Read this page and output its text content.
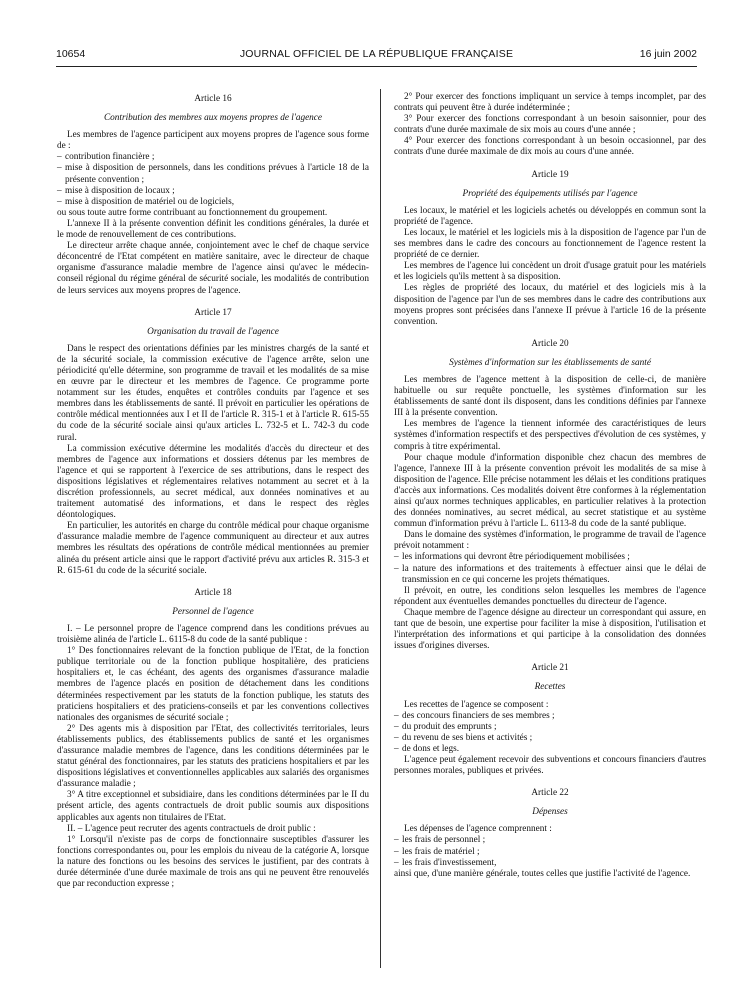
10654	JOURNAL OFFICIEL DE LA RÉPUBLIQUE FRANÇAISE	16 juin 2002

Article 16

Contribution des membres aux moyens propres de l'agence

Les membres de l'agence participent aux moyens propres de l'agence sous forme de :

– contribution financière ;

– mise à disposition de personnels, dans les conditions prévues à l'article 18 de la présente convention ;

– mise à disposition de locaux ;

– mise à disposition de matériel ou de logiciels,

ou sous toute autre forme contribuant au fonctionnement du groupement.

L'annexe II à la présente convention définit les conditions générales, la durée et le mode de renouvellement de ces contributions.

Le directeur arrête chaque année, conjointement avec le chef de chaque service déconcentré de l'Etat compétent en matière sanitaire, avec le directeur de chaque organisme d'assurance maladie membre de l'agence ainsi qu'avec le médecin-conseil régional du régime général de sécurité sociale, les modalités de contribution de leurs services aux moyens propres de l'agence.

Article 17

Organisation du travail de l'agence

Dans le respect des orientations définies par les ministres chargés de la santé et de la sécurité sociale, la commission exécutive de l'agence arrête, selon une périodicité qu'elle détermine, son programme de travail et les modalités de sa mise en œuvre par le directeur et les membres de l'agence. Ce programme porte notamment sur les études, enquêtes et contrôles conduits par l'agence et ses membres dans les établissements de santé. Il prévoit en particulier les opérations de contrôle médical mentionnées aux I et II de l'article R. 315-1 et à l'article R. 615-55 du code de la sécurité sociale ainsi qu'aux articles L. 732-5 et L. 742-3 du code rural.

La commission exécutive détermine les modalités d'accès du directeur et des membres de l'agence aux informations et dossiers détenus par les membres de l'agence et qui se rapportent à l'exercice de ses attributions, dans le respect des dispositions législatives et réglementaires relatives notamment au secret et à la discrétion professionnels, au secret médical, aux données nominatives et au traitement automatisé des informations, et dans le respect des règles déontologiques.

En particulier, les autorités en charge du contrôle médical pour chaque organisme d'assurance maladie membre de l'agence communiquent au directeur et aux autres membres les résultats des opérations de contrôle médical mentionnées au premier alinéa du présent article ainsi que le rapport d'activité prévu aux articles R. 315-3 et R. 615-61 du code de la sécurité sociale.

Article 18

Personnel de l'agence

I. – Le personnel propre de l'agence comprend dans les conditions prévues au troisième alinéa de l'article L. 6115-8 du code de la santé publique :

1° Des fonctionnaires relevant de la fonction publique de l'Etat, de la fonction publique territoriale ou de la fonction publique hospitalière, des praticiens hospitaliers et, le cas échéant, des agents des organismes d'assurance maladie membres de l'agence placés en position de détachement dans les conditions déterminées respectivement par les statuts de la fonction publique, les statuts des praticiens hospitaliers et des praticiens-conseils et par les conventions collectives nationales des organismes de sécurité sociale ;

2° Des agents mis à disposition par l'Etat, des collectivités territoriales, leurs établissements publics, des établissements publics de santé et les organismes d'assurance maladie membres de l'agence, dans les conditions déterminées par le statut général des fonctionnaires, par les statuts des praticiens hospitaliers et par les dispositions législatives et conventionnelles applicables aux salariés des organismes d'assurance maladie ;

3° A titre exceptionnel et subsidiaire, dans les conditions déterminées par le II du présent article, des agents contractuels de droit public soumis aux dispositions applicables aux agents non titulaires de l'Etat.

II. – L'agence peut recruter des agents contractuels de droit public :

1° Lorsqu'il n'existe pas de corps de fonctionnaire susceptibles d'assurer les fonctions correspondantes ou, pour les emplois du niveau de la catégorie A, lorsque la nature des fonctions ou les besoins des services le justifient, par des contrats à durée déterminée d'une durée maximale de trois ans qui ne peuvent être renouvelés que par reconduction expresse ;

2° Pour exercer des fonctions impliquant un service à temps incomplet, par des contrats qui peuvent être à durée indéterminée ;

3° Pour exercer des fonctions correspondant à un besoin saisonnier, pour des contrats d'une durée maximale de six mois au cours d'une année ;

4° Pour exercer des fonctions correspondant à un besoin occasionnel, par des contrats d'une durée maximale de dix mois au cours d'une année.

Article 19

Propriété des équipements utilisés par l'agence

Les locaux, le matériel et les logiciels achetés ou développés en commun sont la propriété de l'agence.

Les locaux, le matériel et les logiciels mis à la disposition de l'agence par l'un de ses membres dans le cadre des concours au fonctionnement de l'agence restent la propriété de ce dernier.

Les membres de l'agence lui concèdent un droit d'usage gratuit pour les matériels et les logiciels qu'ils mettent à sa disposition.

Les règles de propriété des locaux, du matériel et des logiciels mis à la disposition de l'agence par l'un de ses membres dans le cadre des contributions aux moyens propres sont précisées dans l'annexe II prévue à l'article 16 de la présente convention.

Article 20

Systèmes d'information sur les établissements de santé

Les membres de l'agence mettent à la disposition de celle-ci, de manière habituelle ou sur requête ponctuelle, les systèmes d'information sur les établissements de santé dont ils disposent, dans les conditions définies par l'annexe III à la présente convention.

Les membres de l'agence la tiennent informée des caractéristiques de leurs systèmes d'information respectifs et des perspectives d'évolution de ces systèmes, y compris à titre expérimental.

Pour chaque module d'information disponible chez chacun des membres de l'agence, l'annexe III à la présente convention prévoit les modalités de sa mise à disposition de l'agence. Elle précise notamment les délais et les conditions pratiques d'accès aux informations. Ces modalités doivent être conformes à la réglementation ainsi qu'aux normes techniques applicables, en particulier relatives à la protection des données nominatives, au secret médical, au secret statistique et au système commun d'information prévu à l'article L. 6113-8 du code de la santé publique.

Dans le domaine des systèmes d'information, le programme de travail de l'agence prévoit notamment :

– les informations qui devront être périodiquement mobilisées ;

– la nature des informations et des traitements à effectuer ainsi que le délai de transmission en ce qui concerne les projets thématiques.

Il prévoit, en outre, les conditions selon lesquelles les membres de l'agence répondent aux éventuelles demandes ponctuelles du directeur de l'agence.

Chaque membre de l'agence désigne au directeur un correspondant qui assure, en tant que de besoin, une expertise pour faciliter la mise à disposition, l'utilisation et l'interprétation des informations et qui participe à la consolidation des données issues d'origines diverses.

Article 21

Recettes

Les recettes de l'agence se composent :

– des concours financiers de ses membres ;

– du produit des emprunts ;

– du revenu de ses biens et activités ;

– de dons et legs.

L'agence peut également recevoir des subventions et concours financiers d'autres personnes morales, publiques et privées.

Article 22

Dépenses

Les dépenses de l'agence comprennent :

– les frais de personnel ;

– les frais de matériel ;

– les frais d'investissement,

ainsi que, d'une manière générale, toutes celles que justifie l'activité de l'agence.
